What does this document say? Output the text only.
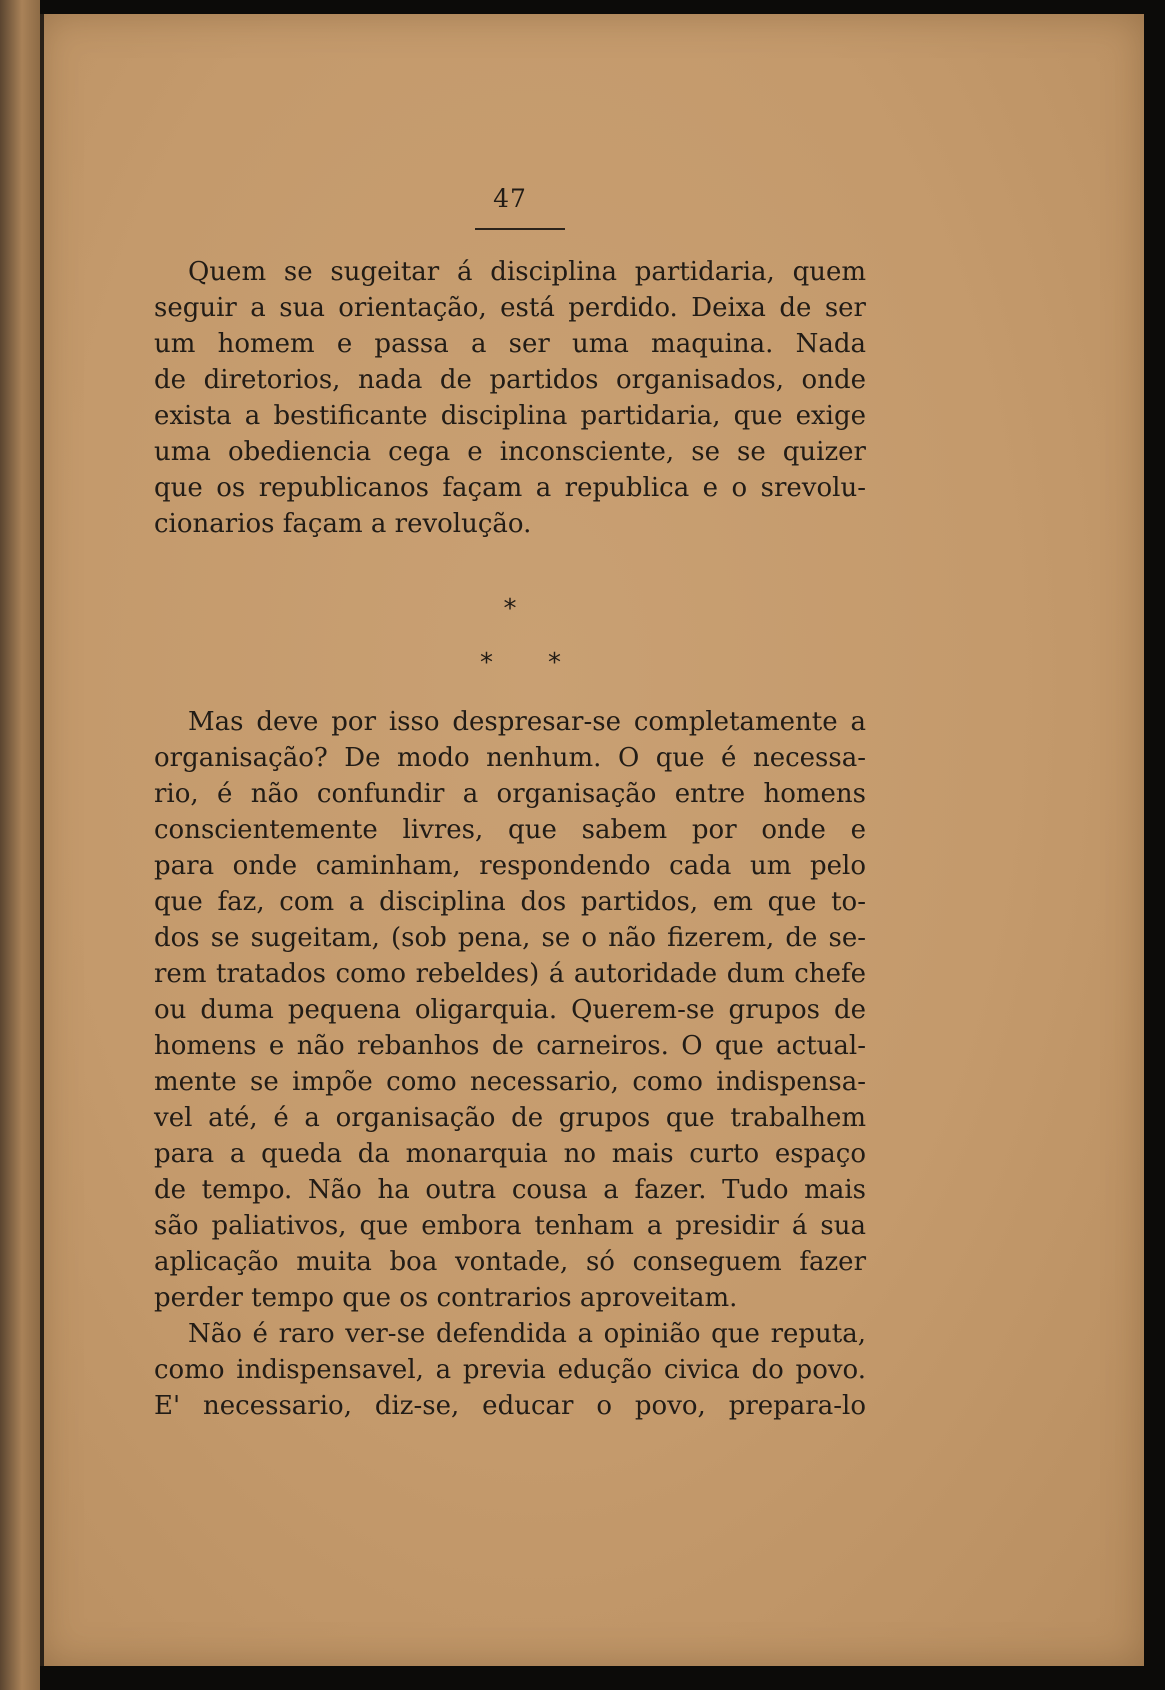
47
Quem se sugeitar á disciplina partidaria, quem
seguir a sua orientação, está perdido. Deixa de ser
um homem e passa a ser uma maquina. Nada
de diretorios, nada de partidos organisados, onde
exista a bestificante disciplina partidaria, que exige
uma obediencia cega e inconsciente, se se quizer
que os republicanos façam a republica e o srevolu-
cionarios façam a revolução.
*
* *
Mas deve por isso despresar-se completamente a
organisação? De modo nenhum. O que é necessa-
rio, é não confundir a organisação entre homens
conscientemente livres, que sabem por onde e
para onde caminham, respondendo cada um pelo
que faz, com a disciplina dos partidos, em que to-
dos se sugeitam, (sob pena, se o não fizerem, de se-
rem tratados como rebeldes) á autoridade dum chefe
ou duma pequena oligarquia. Querem-se grupos de
homens e não rebanhos de carneiros. O que actual-
mente se impõe como necessario, como indispensa-
vel até, é a organisação de grupos que trabalhem
para a queda da monarquia no mais curto espaço
de tempo. Não ha outra cousa a fazer. Tudo mais
são paliativos, que embora tenham a presidir á sua
aplicação muita boa vontade, só conseguem fazer
perder tempo que os contrarios aproveitam.
Não é raro ver-se defendida a opinião que reputa,
como indispensavel, a previa edução civica do povo.
E' necessario, diz-se, educar o povo, prepara-lo
